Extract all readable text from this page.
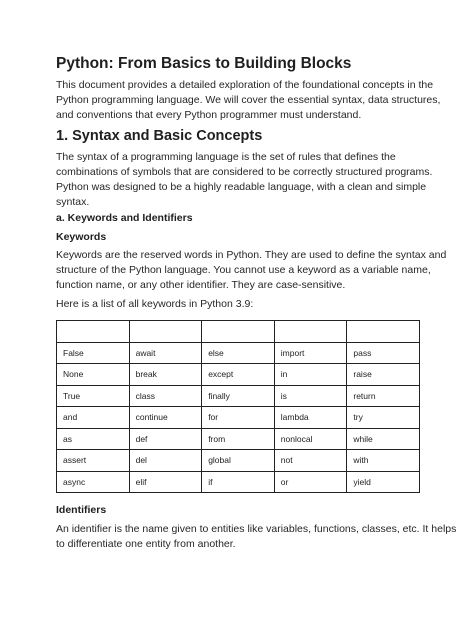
Python: From Basics to Building Blocks
This document provides a detailed exploration of the foundational concepts in the
Python programming language. We will cover the essential syntax, data structures,
and conventions that every Python programmer must understand.
1. Syntax and Basic Concepts
The syntax of a programming language is the set of rules that defines the
combinations of symbols that are considered to be correctly structured programs.
Python was designed to be a highly readable language, with a clean and simple
syntax.
a. Keywords and Identifiers
Keywords
Keywords are the reserved words in Python. They are used to define the syntax and
structure of the Python language. You cannot use a keyword as a variable name,
function name, or any other identifier. They are case-sensitive.
Here is a list of all keywords in Python 3.9:

False	await	else	import	pass
None	break	except	in	raise
True	class	finally	is	return
and	continue	for	lambda	try
as	def	from	nonlocal	while
assert	del	global	not	with
async	elif	if	or	yield
Identifiers
An identifier is the name given to entities like variables, functions, classes, etc. It helps
to differentiate one entity from another.
